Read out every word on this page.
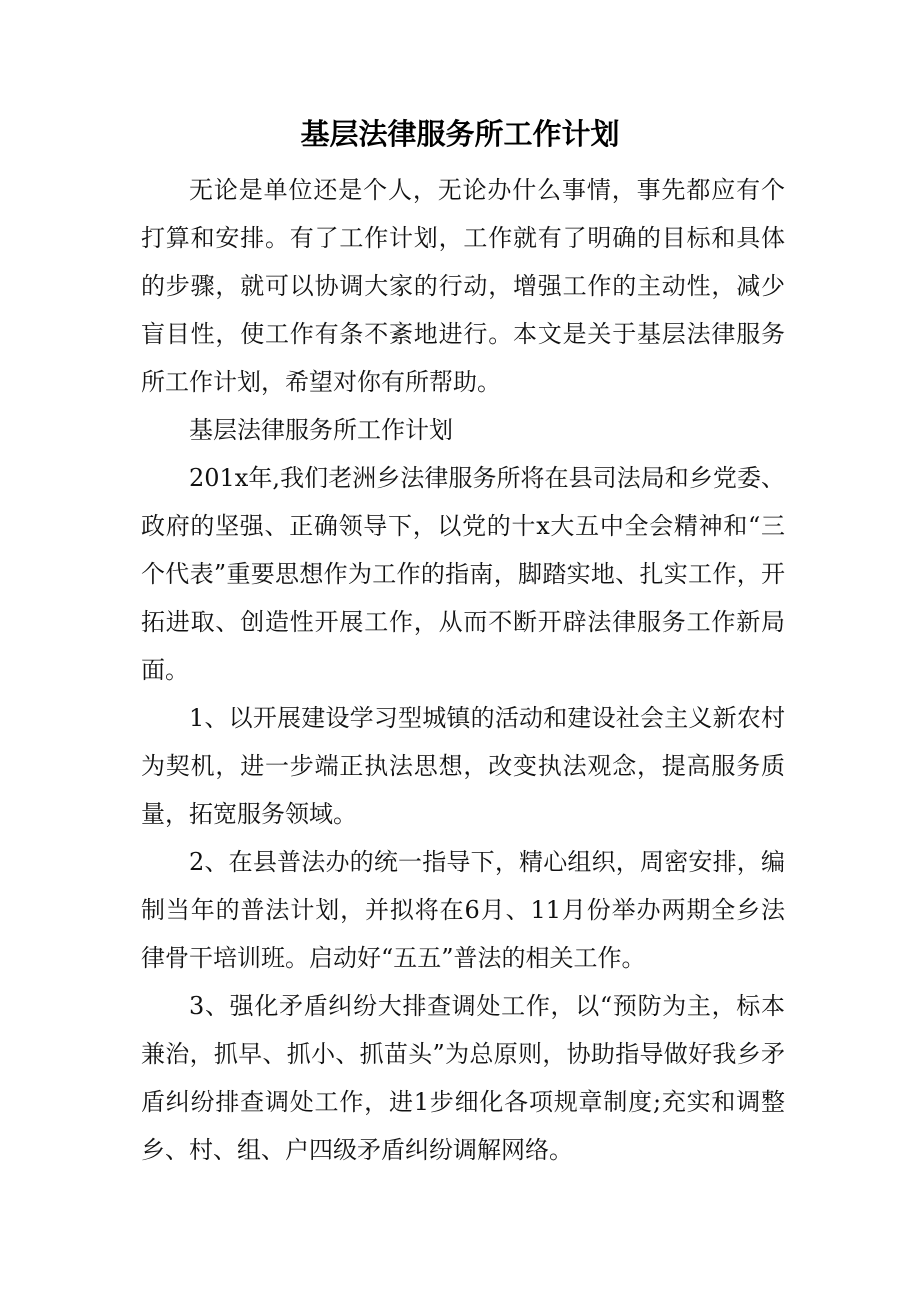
基层法律服务所工作计划

无论是单位还是个人，无论办什么事情，事先都应有个打算和安排。有了工作计划，工作就有了明确的目标和具体的步骤，就可以协调大家的行动，增强工作的主动性，减少盲目性，使工作有条不紊地进行。本文是关于基层法律服务所工作计划，希望对你有所帮助。

基层法律服务所工作计划

201x年,我们老洲乡法律服务所将在县司法局和乡党委、政府的坚强、正确领导下，以党的十x大五中全会精神和“三个代表”重要思想作为工作的指南，脚踏实地、扎实工作，开拓进取、创造性开展工作，从而不断开辟法律服务工作新局面。

1、以开展建设学习型城镇的活动和建设社会主义新农村为契机，进一步端正执法思想，改变执法观念，提高服务质量，拓宽服务领域。

2、在县普法办的统一指导下，精心组织，周密安排，编制当年的普法计划，并拟将在6月、11月份举办两期全乡法律骨干培训班。启动好“五五”普法的相关工作。

3、强化矛盾纠纷大排查调处工作，以“预防为主，标本兼治，抓早、抓小、抓苗头”为总原则，协助指导做好我乡矛盾纠纷排查调处工作，进1步细化各项规章制度;充实和调整乡、村、组、户四级矛盾纠纷调解网络。
